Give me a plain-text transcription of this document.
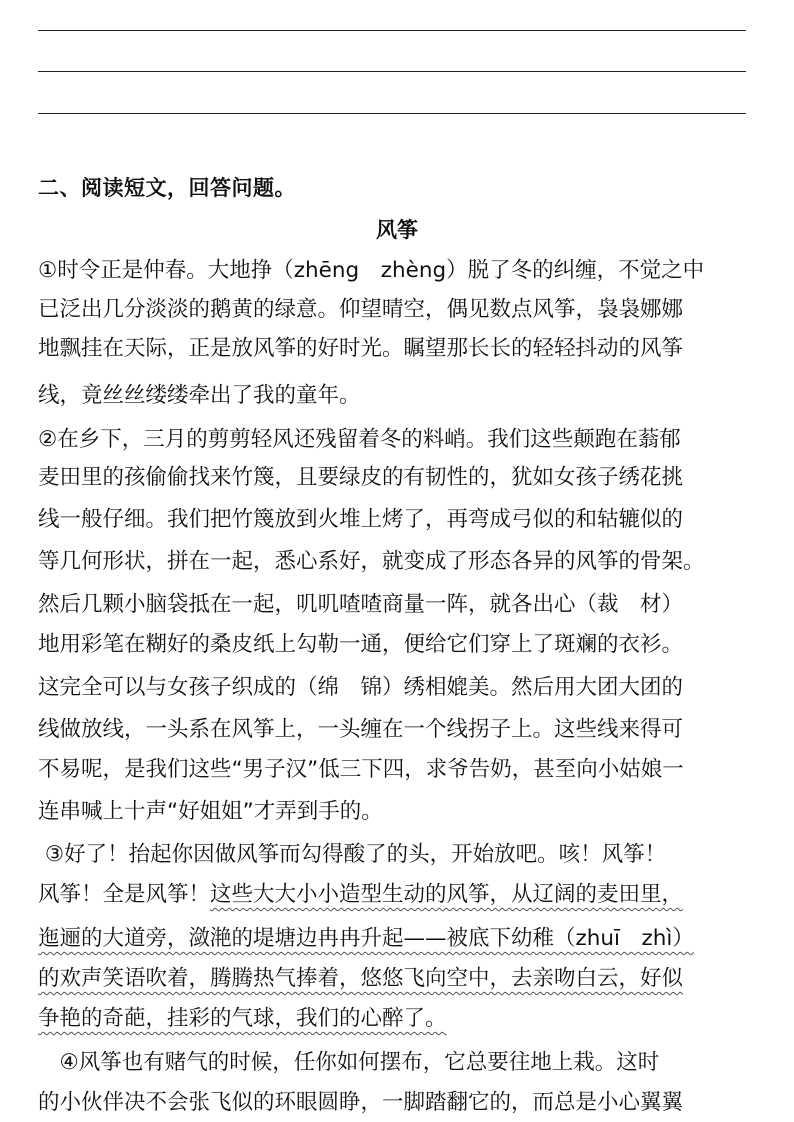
二、阅读短文，回答问题。
风筝
①时令正是仲春。大地挣（zhēng　zhèng）脱了冬的纠缠，不觉之中
已泛出几分淡淡的鹅黄的绿意。仰望晴空，偶见数点风筝，袅袅娜娜
地飘挂在天际，正是放风筝的好时光。瞩望那长长的轻轻抖动的风筝
线，竟丝丝缕缕牵出了我的童年。
②在乡下，三月的剪剪轻风还残留着冬的料峭。我们这些颠跑在蓊郁
麦田里的孩偷偷找来竹篾，且要绿皮的有韧性的，犹如女孩子绣花挑
线一般仔细。我们把竹篾放到火堆上烤了，再弯成弓似的和轱辘似的
等几何形状，拼在一起，悉心系好，就变成了形态各异的风筝的骨架。
然后几颗小脑袋抵在一起，叽叽喳喳商量一阵，就各出心（裁　材）
地用彩笔在糊好的桑皮纸上勾勒一通，便给它们穿上了斑斓的衣衫。
这完全可以与女孩子织成的（绵　锦）绣相媲美。然后用大团大团的
线做放线，一头系在风筝上，一头缠在一个线拐子上。这些线来得可
不易呢，是我们这些“男子汉”低三下四，求爷告奶，甚至向小姑娘一
连串喊上十声“好姐姐”才弄到手的。
③好了！抬起你因做风筝而勾得酸了的头，开始放吧。咳！风筝！
风筝！全是风筝！ 这些大大小小造型生动的风筝，从辽阔的麦田里，
迤逦的大道旁，潋滟的堤塘边冉冉升起——被底下幼稚（zhuī　zhì）
的欢声笑语吹着，腾腾热气捧着，悠悠飞向空中，去亲吻白云，好似
争艳的奇葩，挂彩的气球，我们的心醉了。
　④风筝也有赌气的时候，任你如何摆布，它总要往地上栽。这时
的小伙伴决不会张飞似的环眼圆睁，一脚踏翻它的，而总是小心翼翼
